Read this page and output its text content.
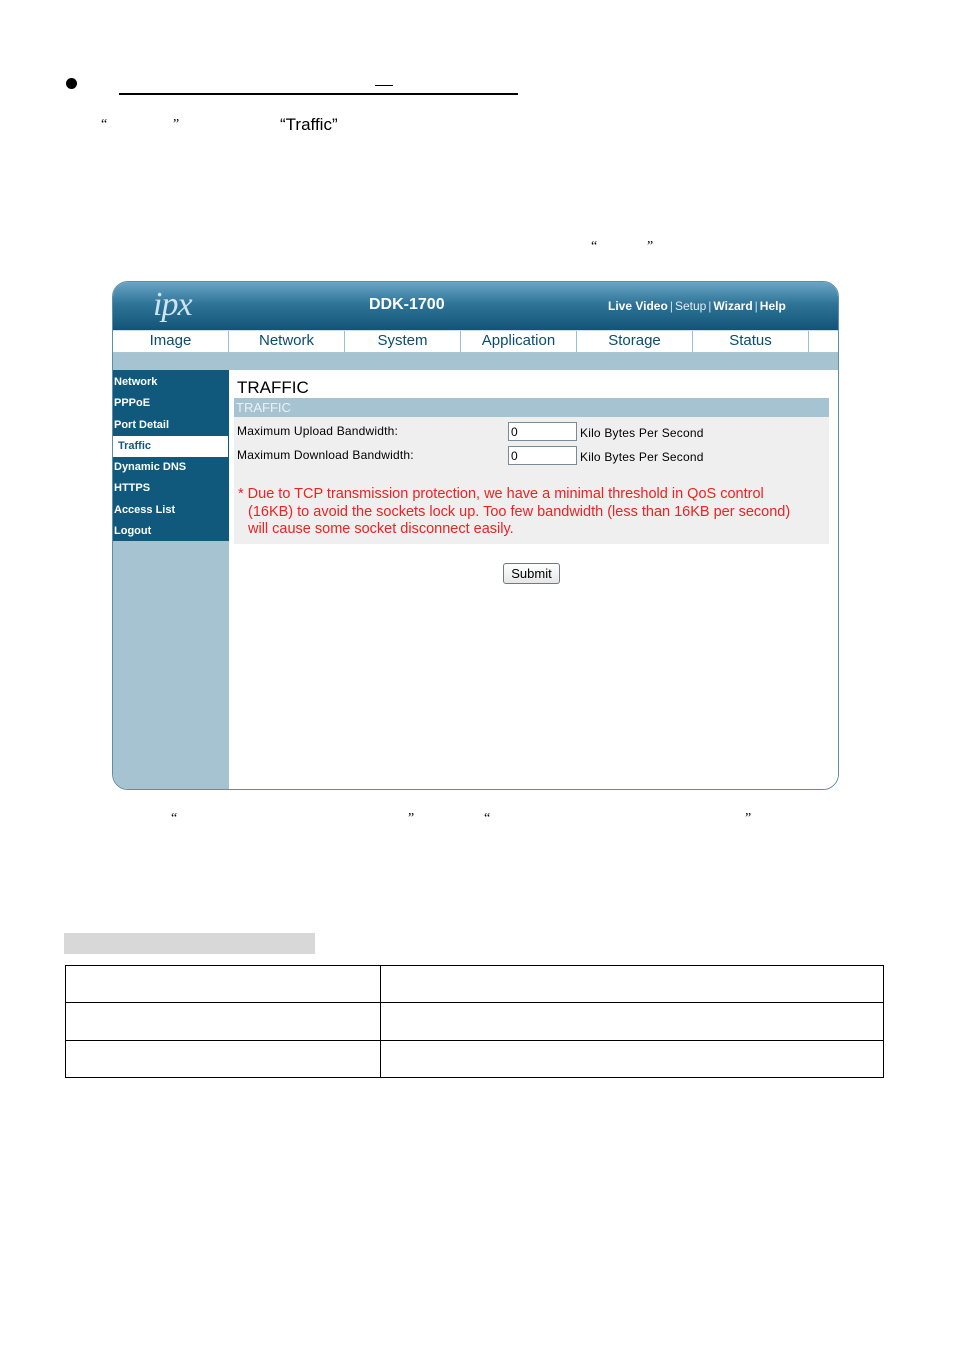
“	”	“Traffic”
“	”
ipx	DDK-1700	Live Video | Setup | Wizard | Help
Image	Network	System	Application	Storage	Status
Network
PPPoE
Port Detail
Traffic
Dynamic DNS
HTTPS
Access List
Logout
TRAFFIC
TRAFFIC
Maximum Upload Bandwidth:
0	Kilo Bytes Per Second
Maximum Download Bandwidth:
0	Kilo Bytes Per Second
* Due to TCP transmission protection, we have a minimal threshold in QoS control
(16KB) to avoid the sockets lock up. Too few bandwidth (less than 16KB per second)
will cause some socket disconnect easily.
Submit
“	”	“	”
